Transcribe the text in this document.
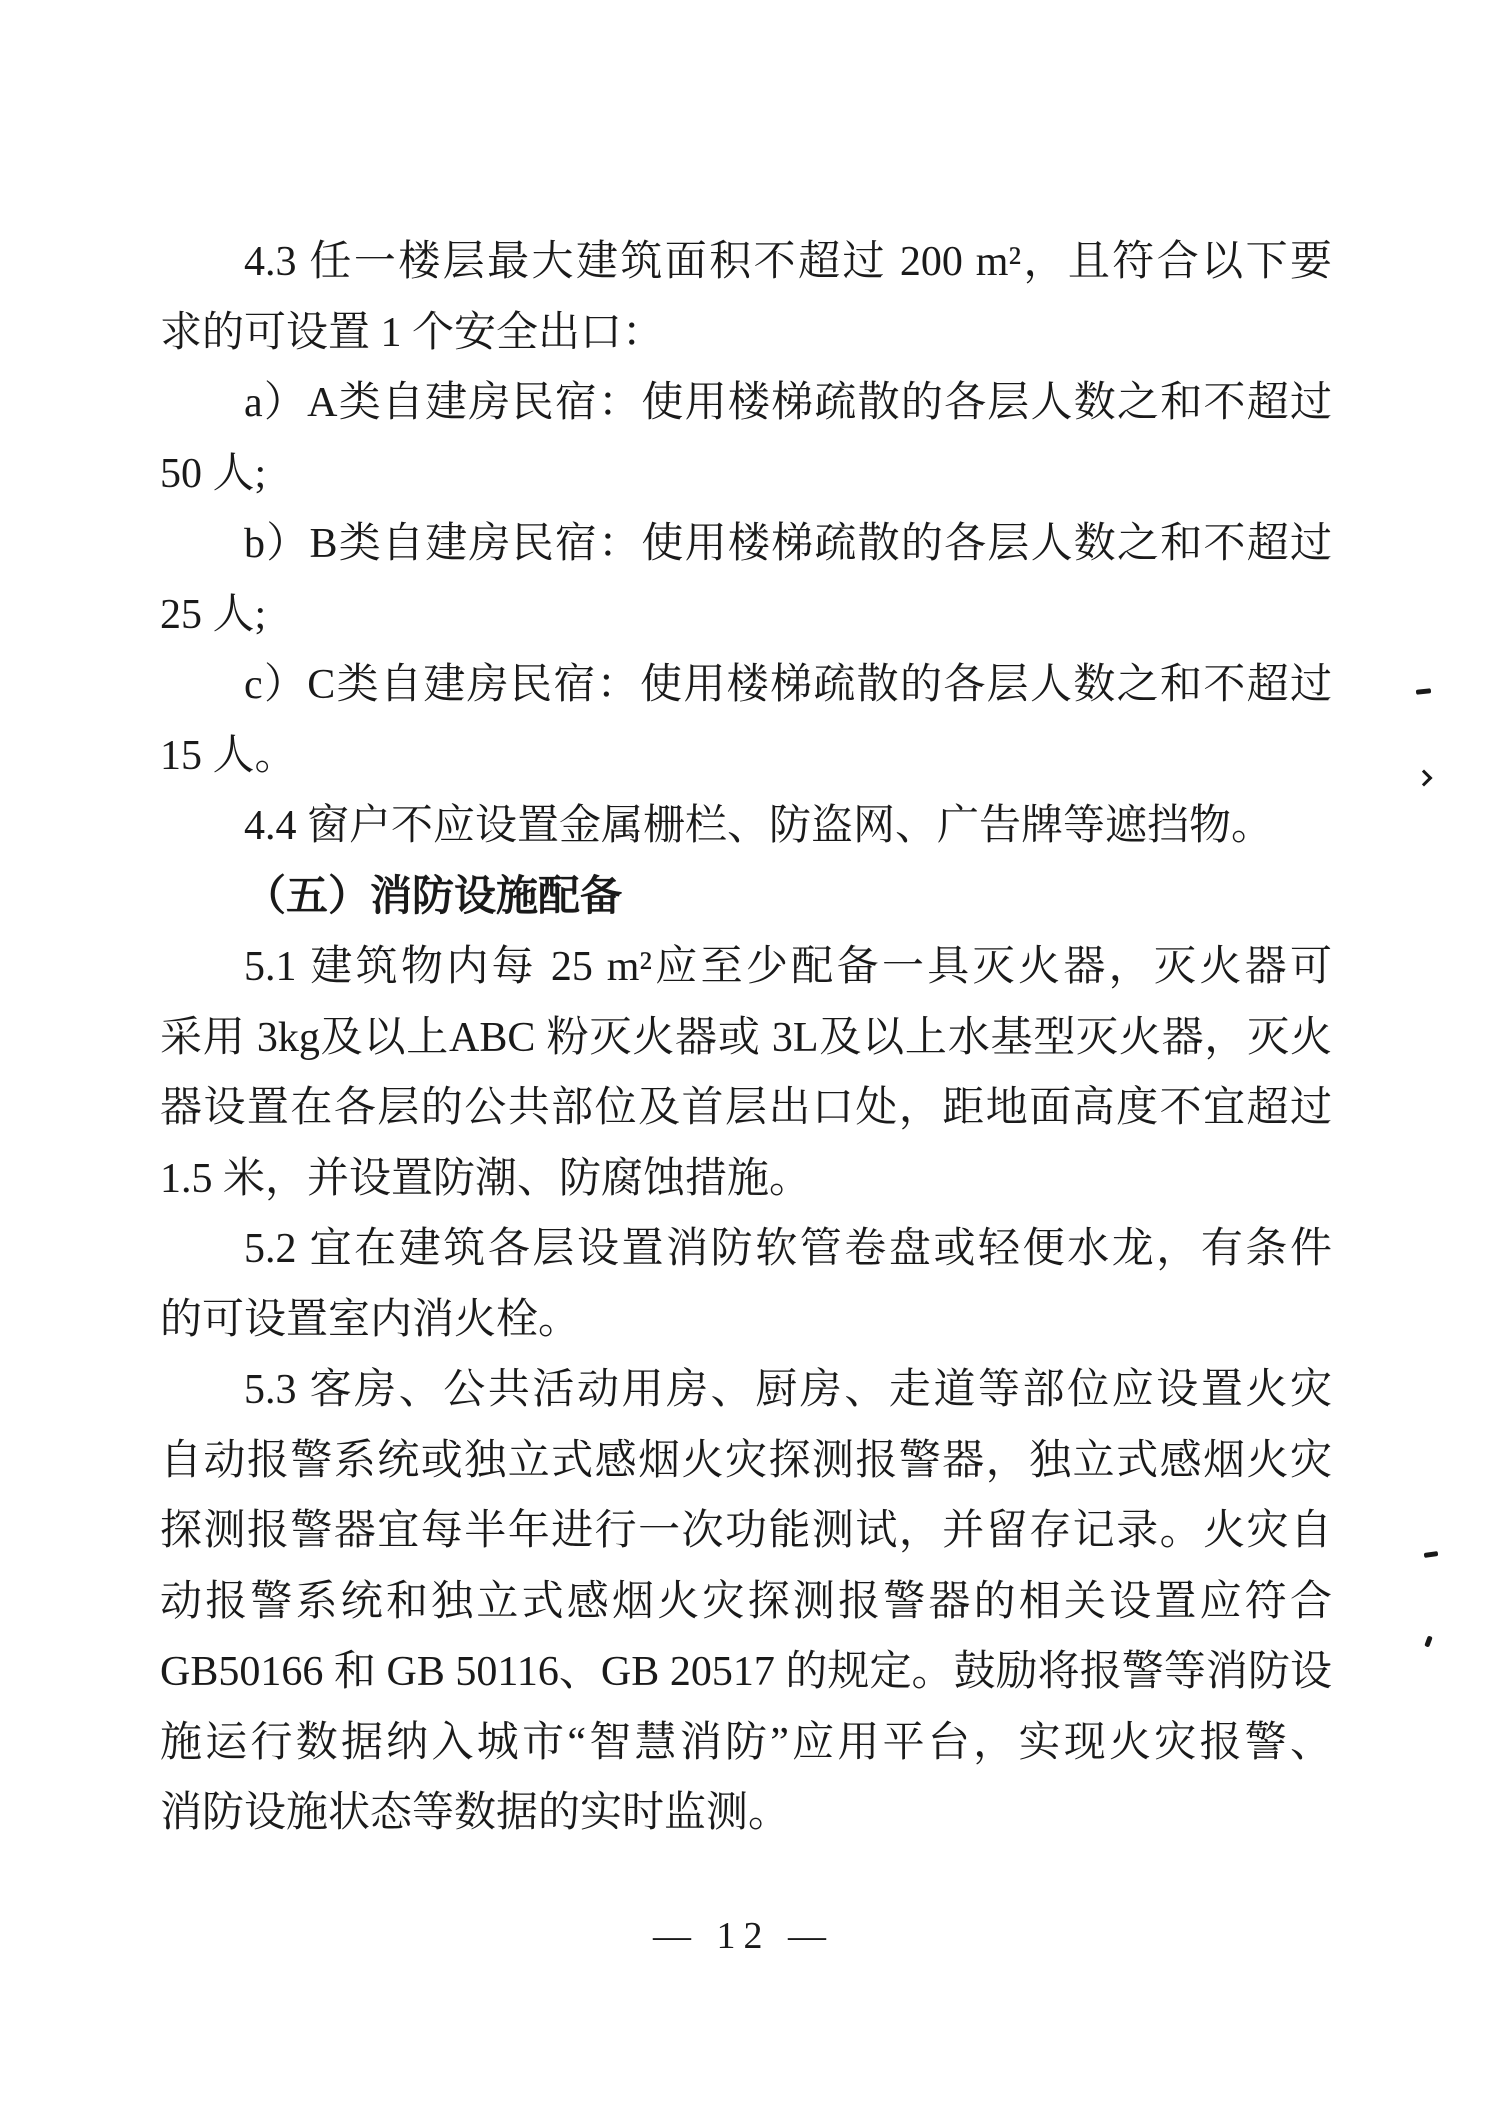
4.3 任一楼层最大建筑面积不超过 200 m²，且符合以下要
求的可设置 1 个安全出口：
a）A类自建房民宿：使用楼梯疏散的各层人数之和不超过
50 人;
b）B类自建房民宿：使用楼梯疏散的各层人数之和不超过
25 人;
c）C类自建房民宿：使用楼梯疏散的各层人数之和不超过
15 人。
4.4 窗户不应设置金属栅栏、防盗网、广告牌等遮挡物。
（五）消防设施配备
5.1 建筑物内每 25 m²应至少配备一具灭火器，灭火器可
采用 3kg及以上ABC 粉灭火器或 3L及以上水基型灭火器，灭火
器设置在各层的公共部位及首层出口处，距地面高度不宜超过
1.5 米，并设置防潮、防腐蚀措施。
5.2 宜在建筑各层设置消防软管卷盘或轻便水龙，有条件
的可设置室内消火栓。
5.3 客房、公共活动用房、厨房、走道等部位应设置火灾
自动报警系统或独立式感烟火灾探测报警器，独立式感烟火灾
探测报警器宜每半年进行一次功能测试，并留存记录。火灾自
动报警系统和独立式感烟火灾探测报警器的相关设置应符合
GB50166 和 GB 50116、GB 20517 的规定。鼓励将报警等消防设
施运行数据纳入城市“智慧消防”应用平台，实现火灾报警、
消防设施状态等数据的实时监测。
— 12 —
